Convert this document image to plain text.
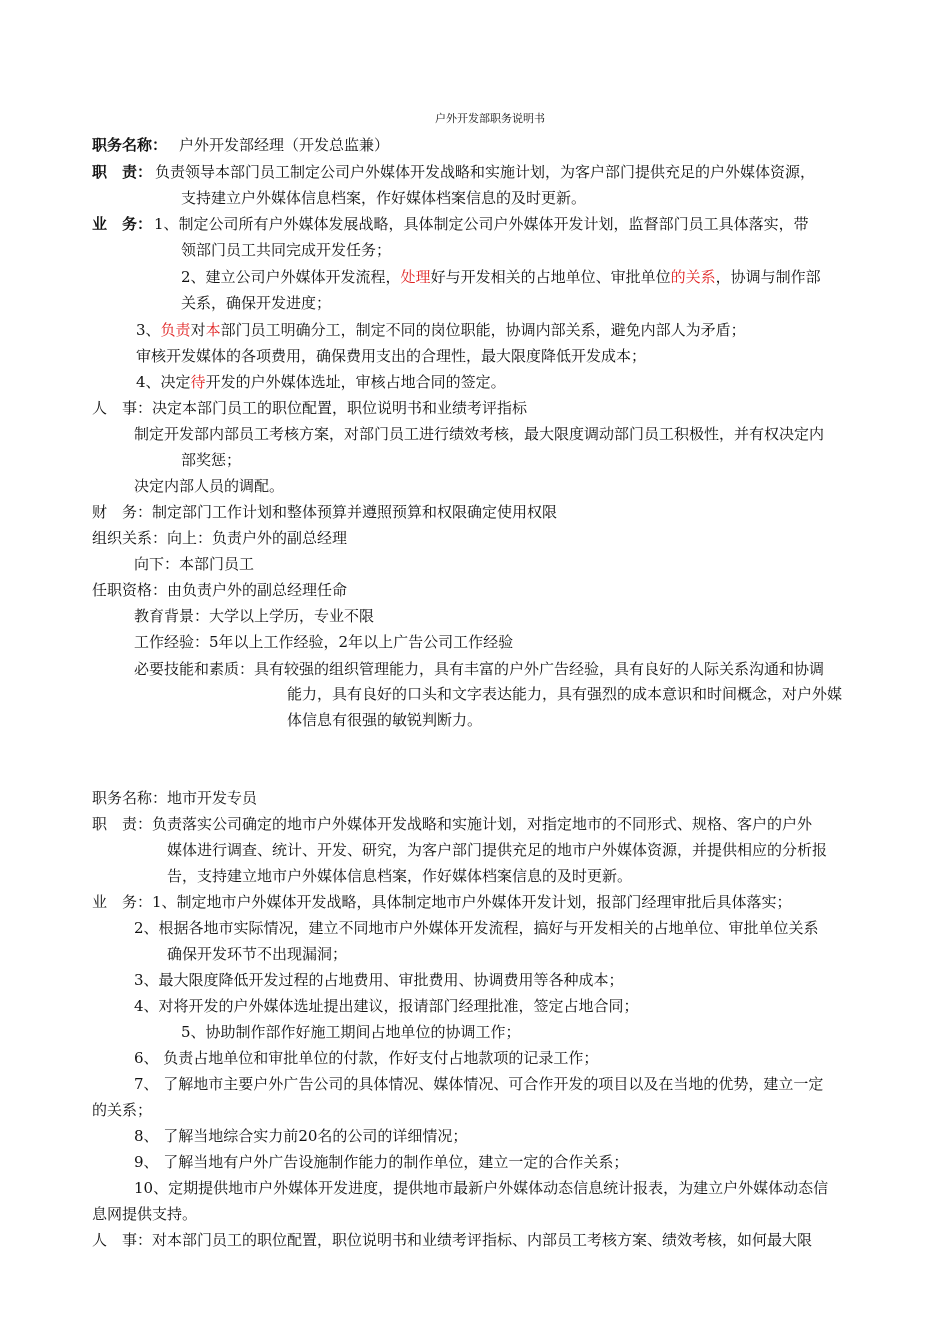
户外开发部职务说明书
职务名称： 户外开发部经理（开发总监兼）
职　责： 负责领导本部门员工制定公司户外媒体开发战略和实施计划，为客户部门提供充足的户外媒体资源，
支持建立户外媒体信息档案，作好媒体档案信息的及时更新。
业　务： 1、制定公司所有户外媒体发展战略，具体制定公司户外媒体开发计划，监督部门员工具体落实，带
领部门员工共同完成开发任务；
2、建立公司户外媒体开发流程，处理好与开发相关的占地单位、审批单位的关系，协调与制作部
关系，确保开发进度；
3、负责对本部门员工明确分工，制定不同的岗位职能，协调内部关系，避免内部人为矛盾；
审核开发媒体的各项费用，确保费用支出的合理性，最大限度降低开发成本；
4、决定待开发的户外媒体选址，审核占地合同的签定。
人　事：决定本部门员工的职位配置，职位说明书和业绩考评指标
制定开发部内部员工考核方案，对部门员工进行绩效考核，最大限度调动部门员工积极性，并有权决定内
部奖惩；
决定内部人员的调配。
财　务：制定部门工作计划和整体预算并遵照预算和权限确定使用权限
组织关系：向上：负责户外的副总经理
向下：本部门员工
任职资格：由负责户外的副总经理任命
教育背景：大学以上学历，专业不限
工作经验：5年以上工作经验，2年以上广告公司工作经验
必要技能和素质：具有较强的组织管理能力，具有丰富的户外广告经验，具有良好的人际关系沟通和协调
能力，具有良好的口头和文字表达能力，具有强烈的成本意识和时间概念，对户外媒
体信息有很强的敏锐判断力。
职务名称：地市开发专员
职　责：负责落实公司确定的地市户外媒体开发战略和实施计划，对指定地市的不同形式、规格、客户的户外
媒体进行调查、统计、开发、研究，为客户部门提供充足的地市户外媒体资源，并提供相应的分析报
告，支持建立地市户外媒体信息档案，作好媒体档案信息的及时更新。
业　务：1、制定地市户外媒体开发战略，具体制定地市户外媒体开发计划，报部门经理审批后具体落实；
2、根据各地市实际情况，建立不同地市户外媒体开发流程，搞好与开发相关的占地单位、审批单位关系
确保开发环节不出现漏洞；
3、最大限度降低开发过程的占地费用、审批费用、协调费用等各种成本；
4、对将开发的户外媒体选址提出建议，报请部门经理批准，签定占地合同；
5、协助制作部作好施工期间占地单位的协调工作；
6、 负责占地单位和审批单位的付款，作好支付占地款项的记录工作；
7、 了解地市主要户外广告公司的具体情况、媒体情况、可合作开发的项目以及在当地的优势，建立一定
的关系；
8、 了解当地综合实力前20名的公司的详细情况；
9、 了解当地有户外广告设施制作能力的制作单位，建立一定的合作关系；
10、定期提供地市户外媒体开发进度，提供地市最新户外媒体动态信息统计报表，为建立户外媒体动态信
息网提供支持。
人　事：对本部门员工的职位配置，职位说明书和业绩考评指标、内部员工考核方案、绩效考核，如何最大限
